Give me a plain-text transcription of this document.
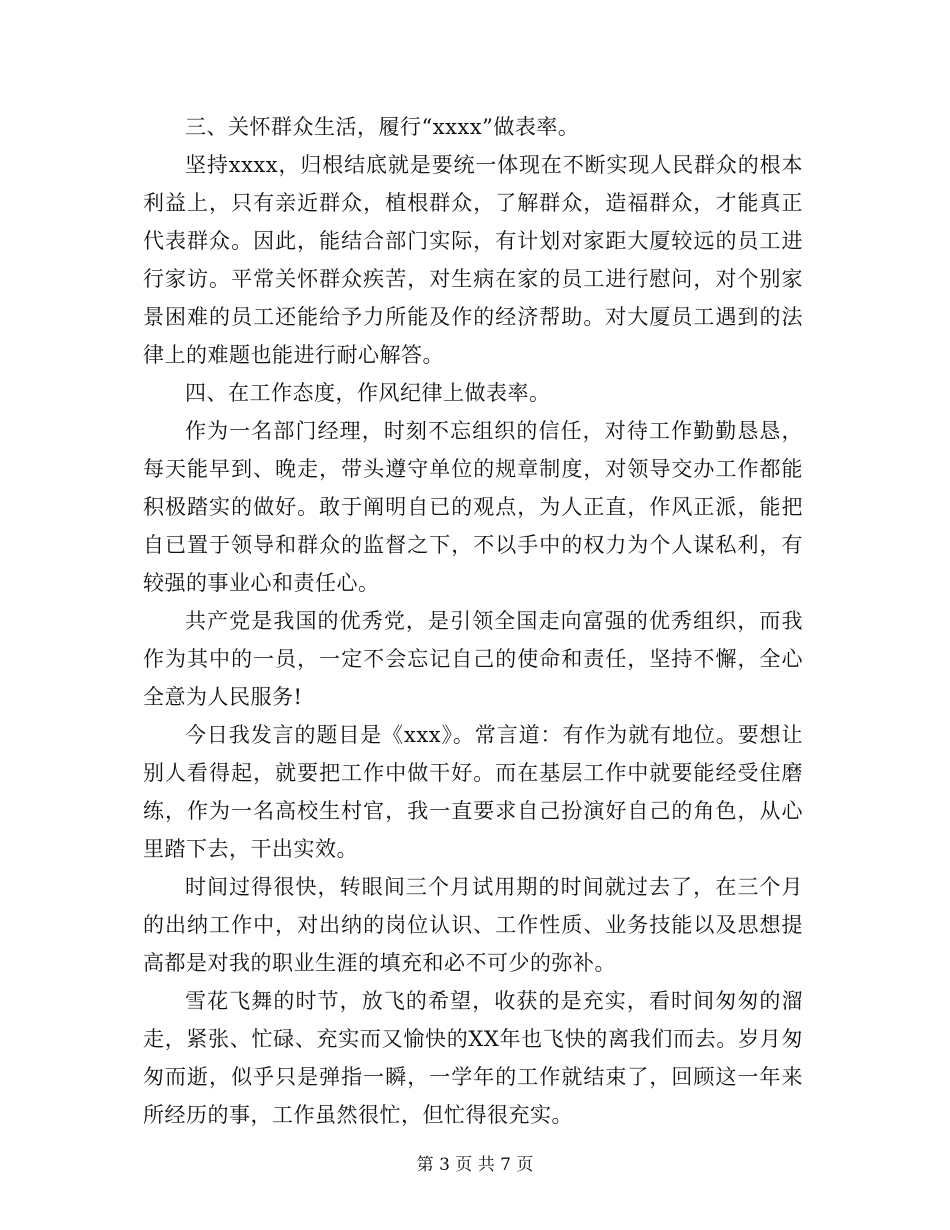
三、关怀群众生活，履行“xxxx”做表率。

坚持xxxx，归根结底就是要统一体现在不断实现人民群众的根本利益上，只有亲近群众，植根群众，了解群众，造福群众，才能真正代表群众。因此，能结合部门实际，有计划对家距大厦较远的员工进行家访。平常关怀群众疾苦，对生病在家的员工进行慰问，对个别家景困难的员工还能给予力所能及作的经济帮助。对大厦员工遇到的法律上的难题也能进行耐心解答。

四、在工作态度，作风纪律上做表率。

作为一名部门经理，时刻不忘组织的信任，对待工作勤勤恳恳，每天能早到、晚走，带头遵守单位的规章制度，对领导交办工作都能积极踏实的做好。敢于阐明自已的观点，为人正直，作风正派，能把自已置于领导和群众的监督之下，不以手中的权力为个人谋私利，有较强的事业心和责任心。

共产党是我国的优秀党，是引领全国走向富强的优秀组织，而我作为其中的一员，一定不会忘记自己的使命和责任，坚持不懈，全心全意为人民服务!

今日我发言的题目是《xxx》。常言道：有作为就有地位。要想让别人看得起，就要把工作中做干好。而在基层工作中就要能经受住磨练，作为一名高校生村官，我一直要求自己扮演好自己的角色，从心里踏下去，干出实效。

时间过得很快，转眼间三个月试用期的时间就过去了，在三个月的出纳工作中，对出纳的岗位认识、工作性质、业务技能以及思想提高都是对我的职业生涯的填充和必不可少的弥补。

雪花飞舞的时节，放飞的希望，收获的是充实，看时间匆匆的溜走，紧张、忙碌、充实而又愉快的XX年也飞快的离我们而去。岁月匆匆而逝，似乎只是弹指一瞬，一学年的工作就结束了，回顾这一年来所经历的事，工作虽然很忙，但忙得很充实。

第 3 页 共 7 页
